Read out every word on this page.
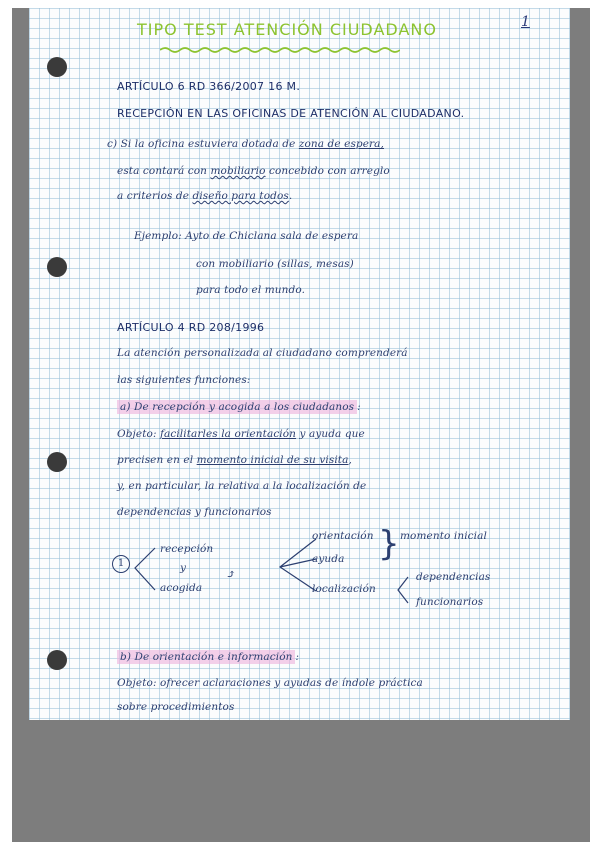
TIPO TEST ATENCIÓN CIUDADANO	1
ARTÍCULO 6 RD 366/2007 16 M.
RECEPCIÓN EN LAS OFICINAS DE ATENCIÓN AL CIUDADANO.
c) Si la oficina estuviera dotada de zona de espera,
esta contará con mobiliario concebido con arreglo
a criterios de diseño para todos.
Ejemplo: Ayto de Chiclana sala de espera
con mobiliario (sillas, mesas)
para todo el mundo.
ARTÍCULO 4 RD 208/1996
La atención personalizada al ciudadano comprenderá
las siguientes funciones:
a) De recepción y acogida a los ciudadanos :
Objeto: facilitarles la orientación y ayuda que
precisen en el momento inicial de su visita,
y, en particular, la relativa a la localización de
dependencias y funcionarios
1
recepción
y
acogida
⤴
orientación
ayuda } momento inicial
localización
dependencias
funcionarios
b) De orientación e información :
Objeto: ofrecer aclaraciones y ayudas de índole práctica
sobre procedimientos
